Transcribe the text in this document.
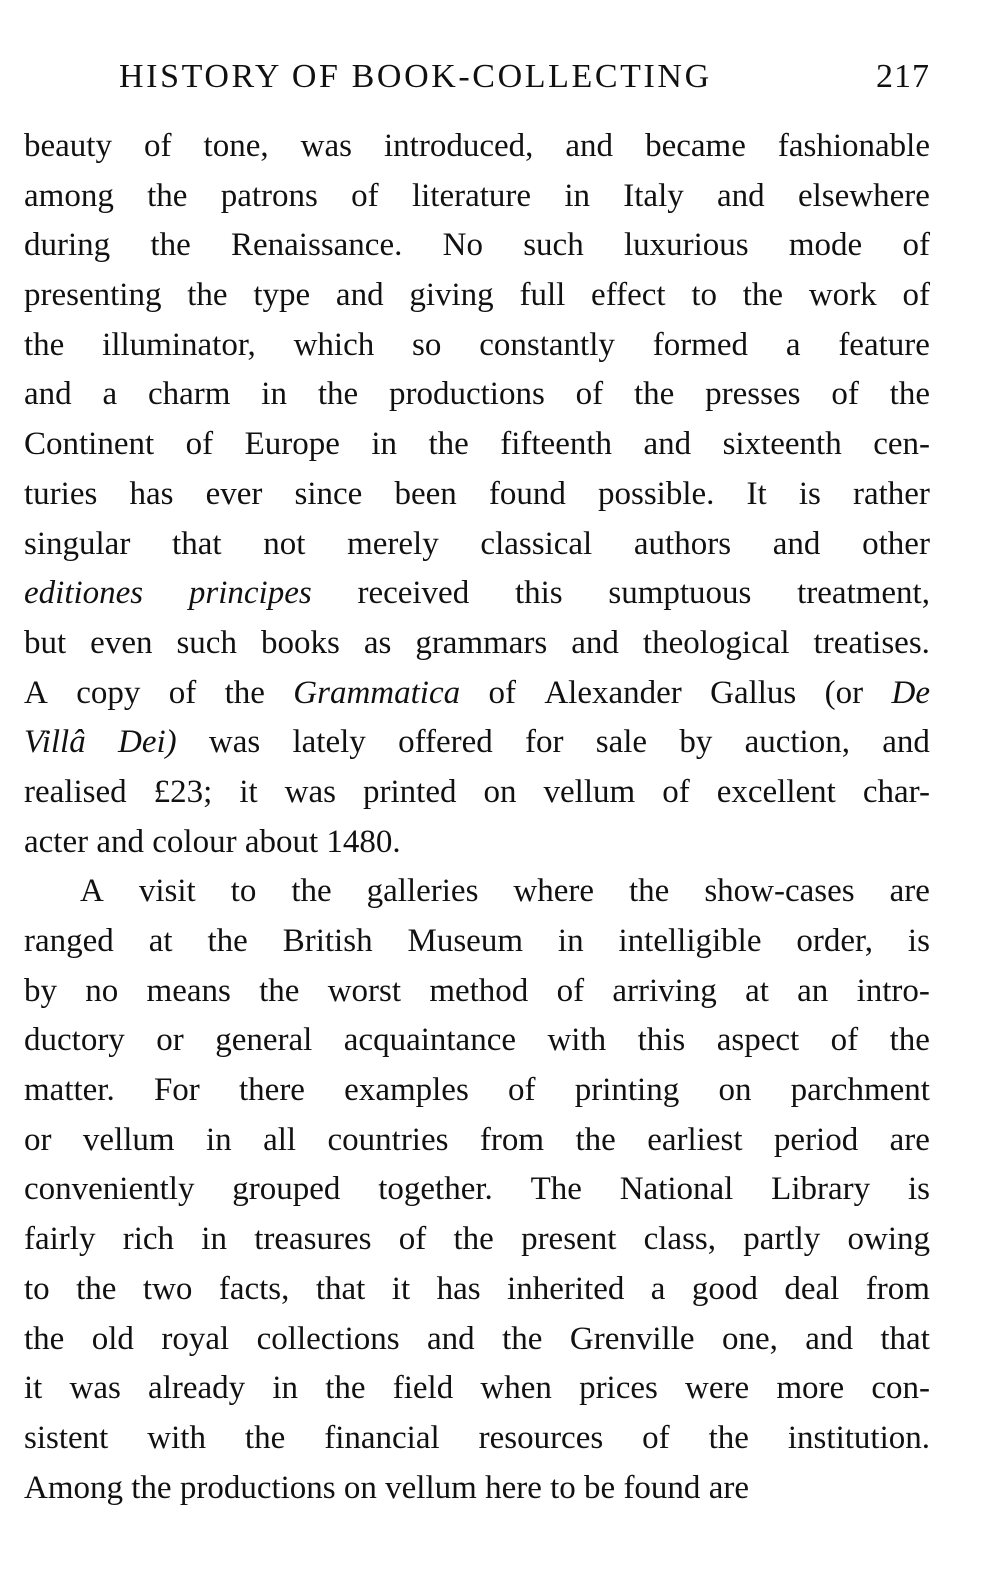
HISTORY OF BOOK-COLLECTING	217
beauty of tone, was introduced, and became fashionable
among the patrons of literature in Italy and elsewhere
during the Renaissance. No such luxurious mode of
presenting the type and giving full effect to the work of
the illuminator, which so constantly formed a feature
and a charm in the productions of the presses of the
Continent of Europe in the fifteenth and sixteenth cen-
turies has ever since been found possible. It is rather
singular that not merely classical authors and other
editiones principes received this sumptuous treatment,
but even such books as grammars and theological treatises.
A copy of the Grammatica of Alexander Gallus (or De
Villâ Dei) was lately offered for sale by auction, and
realised £23; it was printed on vellum of excellent char-
acter
and
colour
about
1480.
A visit to the galleries where the show-cases are
ranged at the British Museum in intelligible order, is
by no means the worst method of arriving at an intro-
ductory or general acquaintance with this aspect of the
matter. For there examples of printing on parchment
or vellum in all countries from the earliest period are
conveniently grouped together. The National Library is
fairly rich in treasures of the present class, partly owing
to the two facts, that it has inherited a good deal from
the old royal collections and the Grenville one, and that
it was already in the field when prices were more con-
sistent with the financial resources of the institution.
Among
the
productions
on
vellum
here
to
be
found
are
